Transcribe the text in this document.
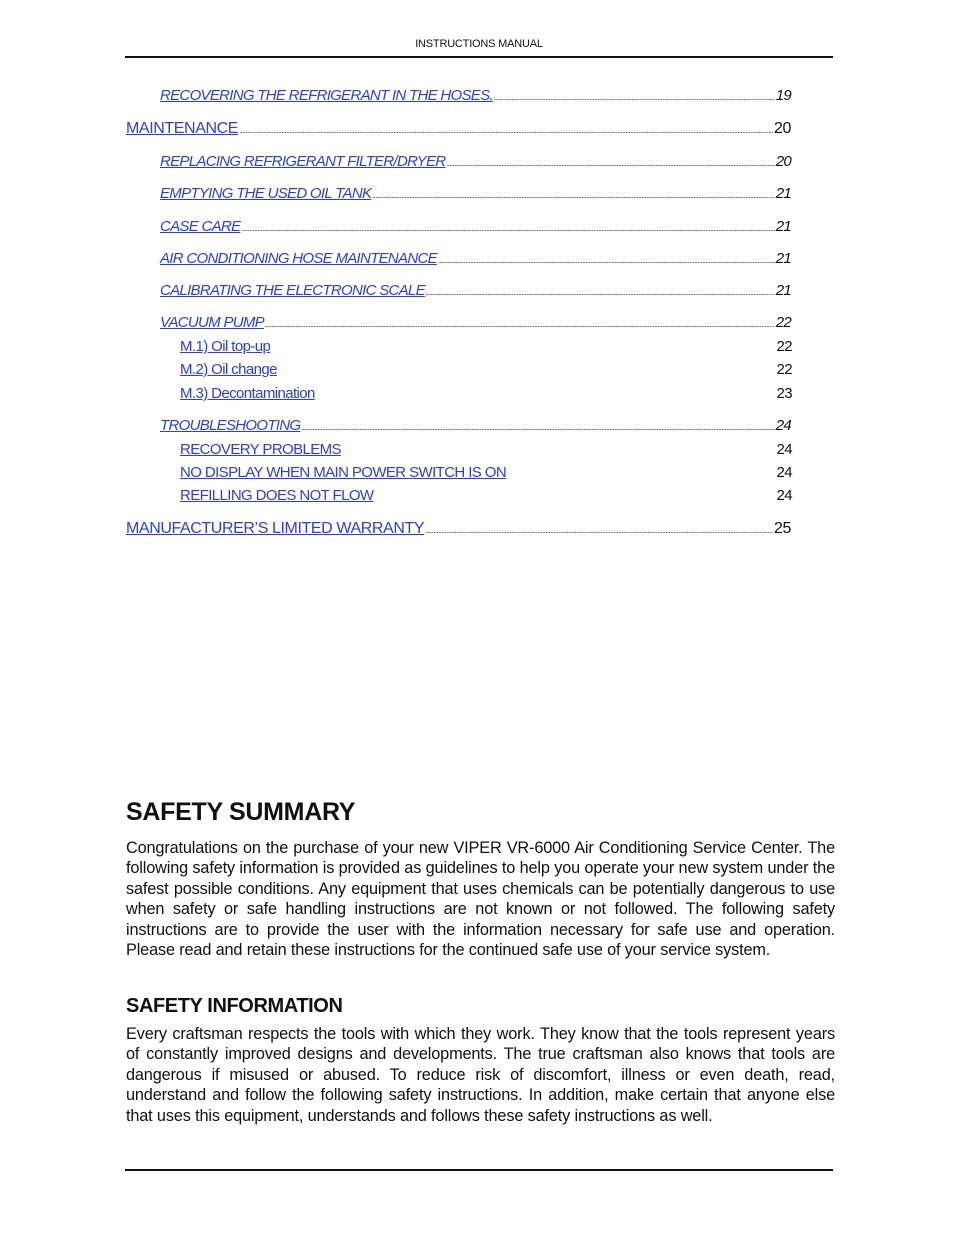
INSTRUCTIONS MANUAL
RECOVERING THE REFRIGERANT IN THE HOSES. .....	19
MAINTENANCE .....	20
REPLACING REFRIGERANT FILTER/DRYER .....	20
EMPTYING THE USED OIL TANK .....	21
CASE CARE .....	21
AIR CONDITIONING HOSE MAINTENANCE .....	21
CALIBRATING THE ELECTRONIC SCALE .....	21
VACUUM PUMP .....	22
M.1) Oil top-up	22
M.2) Oil change	22
M.3) Decontamination	23
TROUBLESHOOTING .....	24
RECOVERY PROBLEMS	24
NO DISPLAY WHEN MAIN POWER SWITCH IS ON	24
REFILLING DOES NOT FLOW	24
MANUFACTURER’S LIMITED WARRANTY .....	25
SAFETY SUMMARY

Congratulations on the purchase of your new VIPER VR-6000 Air Conditioning Service Center. The following safety information is provided as guidelines to help you operate your new system under the safest possible conditions. Any equipment that uses chemicals can be potentially dangerous to use when safety or safe handling instructions are not known or not followed. The following safety instructions are to provide the user with the information necessary for safe use and operation. Please read and retain these instructions for the continued safe use of your service system.

SAFETY INFORMATION

Every craftsman respects the tools with which they work. They know that the tools represent years of constantly improved designs and developments. The true craftsman also knows that tools are dangerous if misused or abused. To reduce risk of discomfort, illness or even death, read, understand and follow the following safety instructions. In addition, make certain that anyone else that uses this equipment, understands and follows these safety instructions as well.
